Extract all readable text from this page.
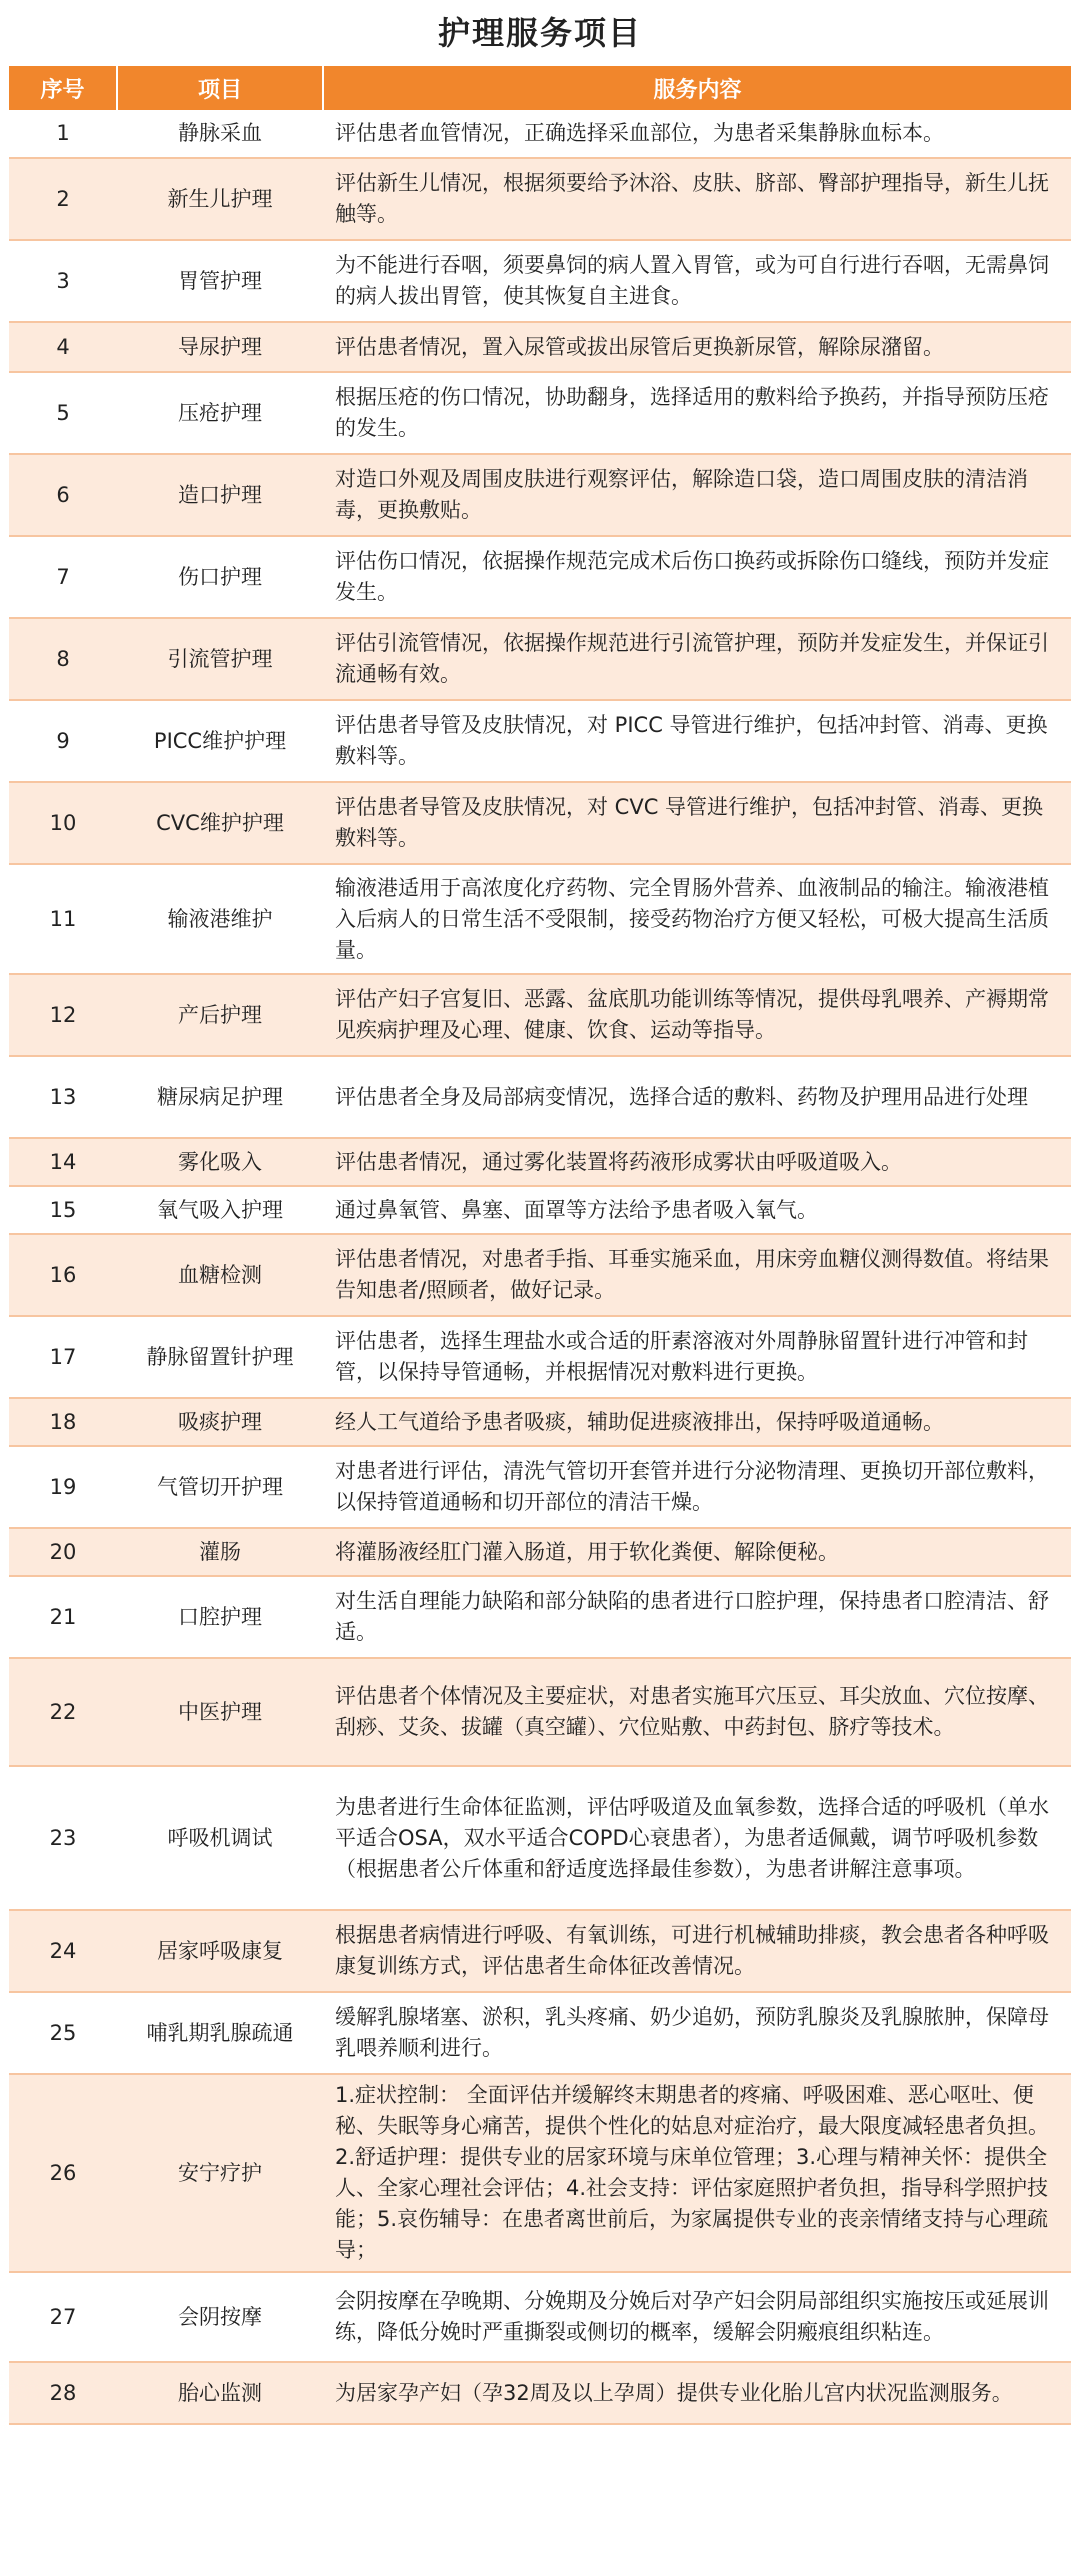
护理服务项目
序号	项目	服务内容
1	静脉采血	评估患者血管情况，正确选择采血部位，为患者采集静脉血标本。
2	新生儿护理	评估新生儿情况，根据须要给予沐浴、皮肤、脐部、臀部护理指导，新生儿抚触等。
3	胃管护理	为不能进行吞咽，须要鼻饲的病人置入胃管，或为可自行进行吞咽，无需鼻饲的病人拔出胃管，使其恢复自主进食。
4	导尿护理	评估患者情况，置入尿管或拔出尿管后更换新尿管，解除尿潴留。
5	压疮护理	根据压疮的伤口情况，协助翻身，选择适用的敷料给予换药，并指导预防压疮的发生。
6	造口护理	对造口外观及周围皮肤进行观察评估，解除造口袋，造口周围皮肤的清洁消毒，更换敷贴。
7	伤口护理	评估伤口情况，依据操作规范完成术后伤口换药或拆除伤口缝线，预防并发症发生。
8	引流管护理	评估引流管情况，依据操作规范进行引流管护理，预防并发症发生，并保证引流通畅有效。
9	PICC维护护理	评估患者导管及皮肤情况，对 PICC 导管进行维护，包括冲封管、消毒、更换敷料等。
10	CVC维护护理	评估患者导管及皮肤情况，对 CVC 导管进行维护，包括冲封管、消毒、更换敷料等。
11	输液港维护	输液港适用于高浓度化疗药物、完全胃肠外营养、血液制品的输注。输液港植入后病人的日常生活不受限制，接受药物治疗方便又轻松，可极大提高生活质量。
12	产后护理	评估产妇子宫复旧、恶露、盆底肌功能训练等情况，提供母乳喂养、产褥期常见疾病护理及心理、健康、饮食、运动等指导。
13	糖尿病足护理	评估患者全身及局部病变情况，选择合适的敷料、药物及护理用品进行处理
14	雾化吸入	评估患者情况，通过雾化装置将药液形成雾状由呼吸道吸入。
15	氧气吸入护理	通过鼻氧管、鼻塞、面罩等方法给予患者吸入氧气。
16	血糖检测	评估患者情况，对患者手指、耳垂实施采血，用床旁血糖仪测得数值。将结果告知患者/照顾者，做好记录。
17	静脉留置针护理	评估患者，选择生理盐水或合适的肝素溶液对外周静脉留置针进行冲管和封管，以保持导管通畅，并根据情况对敷料进行更换。
18	吸痰护理	经人工气道给予患者吸痰，辅助促进痰液排出，保持呼吸道通畅。
19	气管切开护理	对患者进行评估，清洗气管切开套管并进行分泌物清理、更换切开部位敷料，以保持管道通畅和切开部位的清洁干燥。
20	灌肠	将灌肠液经肛门灌入肠道，用于软化粪便、解除便秘。
21	口腔护理	对生活自理能力缺陷和部分缺陷的患者进行口腔护理，保持患者口腔清洁、舒适。
22	中医护理	评估患者个体情况及主要症状，对患者实施耳穴压豆、耳尖放血、穴位按摩、刮痧、艾灸、拔罐（真空罐）、穴位贴敷、中药封包、脐疗等技术。
23	呼吸机调试	为患者进行生命体征监测，评估呼吸道及血氧参数，选择合适的呼吸机（单水平适合OSA，双水平适合COPD心衰患者），为患者适佩戴，调节呼吸机参数（根据患者公斤体重和舒适度选择最佳参数），为患者讲解注意事项。
24	居家呼吸康复	根据患者病情进行呼吸、有氧训练，可进行机械辅助排痰，教会患者各种呼吸康复训练方式，评估患者生命体征改善情况。
25	哺乳期乳腺疏通	缓解乳腺堵塞、淤积，乳头疼痛、奶少追奶，预防乳腺炎及乳腺脓肿，保障母乳喂养顺利进行。
26	安宁疗护	1.症状控制： 全面评估并缓解终末期患者的疼痛、呼吸困难、恶心呕吐、便秘、失眠等身心痛苦，提供个性化的姑息对症治疗，最大限度减轻患者负担。2.舒适护理：提供专业的居家环境与床单位管理；3.心理与精神关怀：提供全人、全家心理社会评估；4.社会支持：评估家庭照护者负担，指导科学照护技能；5.哀伤辅导：在患者离世前后，为家属提供专业的丧亲情绪支持与心理疏导；
27	会阴按摩	会阴按摩在孕晚期、分娩期及分娩后对孕产妇会阴局部组织实施按压或延展训练，降低分娩时严重撕裂或侧切的概率，缓解会阴瘢痕组织粘连。
28	胎心监测	为居家孕产妇（孕32周及以上孕周）提供专业化胎儿宫内状况监测服务。
